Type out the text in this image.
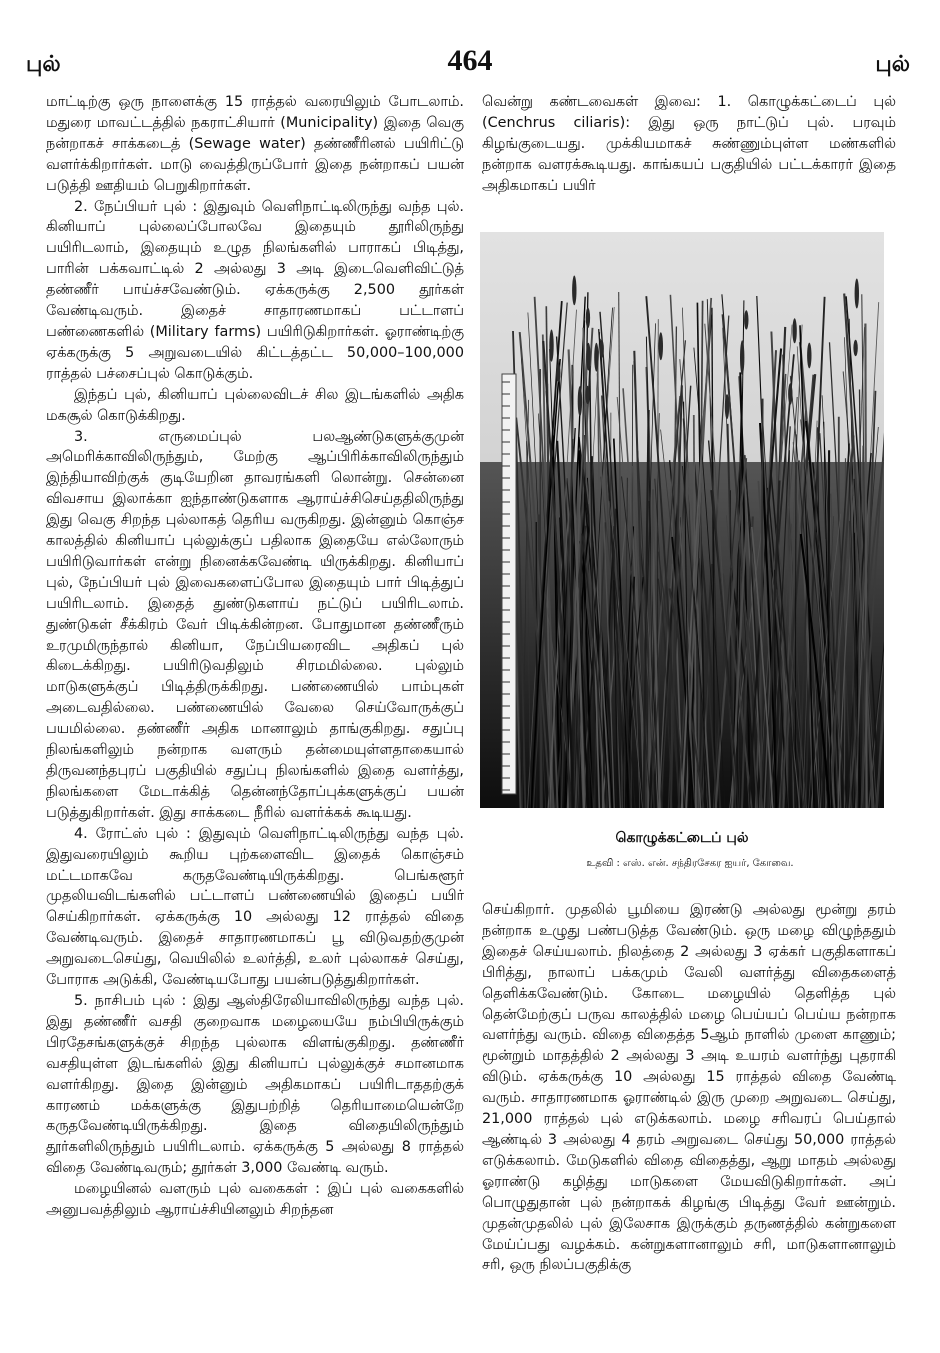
புல்	464	புல்

மாட்டிற்கு ஒரு நாளைக்கு 15 ராத்தல் வரையிலும் போடலாம். மதுரை மாவட்டத்தில் நகராட்சியார் (Municipality) இதை வெகு நன்றாகச் சாக்கடைத் (Sewage water) தண்ணீரினல் பயிரிட்டு வளர்க்கிறார்கள். மாடு வைத்திருப்போர் இதை நன்றாகப் பயன் படுத்தி ஊதியம் பெறுகிறார்கள்.

2. நேப்பியர் புல் : இதுவும் வெளிநாட்டிலிருந்து வந்த புல். கினியாப் புல்லைப்போலவே இதையும் தூரிலிருந்து பயிரிடலாம், இதையும் உழுத நிலங்களில் பாராகப் பிடித்து, பாரின் பக்கவாட்டில் 2 அல்லது 3 அடி இடைவெளிவிட்டுத் தண்ணீர் பாய்ச்சவேண்டும். ஏக்கருக்கு 2,500 தூர்கள் வேண்டிவரும். இதைச் சாதாரணமாகப் பட்டாளப் பண்ணைகளில் (Military farms) பயிரிடுகிறார்கள். ஓராண்டிற்கு ஏக்கருக்கு 5 அறுவடையில் கிட்டத்தட்ட 50,000–100,000 ராத்தல் பச்சைப்புல் கொடுக்கும்.

இந்தப் புல், கினியாப் புல்லைவிடச் சில இடங்களில் அதிக மகசூல் கொடுக்கிறது.

3. எருமைப்புல் பலஆண்டுகளுக்குமுன் அமெரிக்காவிலிருந்தும், மேற்கு ஆப்பிரிக்காவிலிருந்தும் இந்தியாவிற்குக் குடியேறின தாவரங்களி லொன்று. சென்னை விவசாய இலாக்கா ஐந்தாண்டுகளாக ஆராய்ச்சிசெய்ததிலிருந்து இது வெகு சிறந்த புல்லாகத் தெரிய வருகிறது. இன்னும் கொஞ்ச காலத்தில் கினியாப் புல்லுக்குப் பதிலாக இதையே எல்லோரும் பயிரிடுவார்கள் என்று நினைக்கவேண்டி யிருக்கிறது. கினியாப் புல், நேப்பியர் புல் இவைகளைப்போல இதையும் பார் பிடித்துப் பயிரிடலாம். இதைத் துண்டுகளாய் நட்டுப் பயிரிடலாம். துண்டுகள் சீக்கிரம் வேர் பிடிக்கின்றன. போதுமான தண்ணீரும் உரமுமிருந்தால் கினியா, நேப்பியரைவிட அதிகப் புல் கிடைக்கிறது. பயிரிடுவதிலும் சிரமமில்லை. புல்லும் மாடுகளுக்குப் பிடித்திருக்கிறது. பண்ணையில் பாம்புகள் அடைவதில்லை. பண்ணையில் வேலை செய்வோருக்குப் பயமில்லை. தண்ணீர் அதிக மானாலும் தாங்குகிறது. சதுப்பு நிலங்களிலும் நன்றாக வளரும் தன்மையுள்ளதாகையால் திருவனந்தபுரப் பகுதியில் சதுப்பு நிலங்களில் இதை வளர்த்து, நிலங்களை மேடாக்கித் தென்னந்தோப்புக்களுக்குப் பயன் படுத்துகிறார்கள். இது சாக்கடை நீரில் வளர்க்கக் கூடியது.

4. ரோட்ஸ் புல் : இதுவும் வெளிநாட்டிலிருந்து வந்த புல். இதுவரையிலும் கூறிய புற்களைவிட இதைக் கொஞ்சம் மட்டமாகவே கருதவேண்டியிருக்கிறது. பெங்களூர் முதலியவிடங்களில் பட்டாளப் பண்ணையில் இதைப் பயிர் செய்கிறார்கள். ஏக்கருக்கு 10 அல்லது 12 ராத்தல் விதை வேண்டிவரும். இதைச் சாதாரணமாகப் பூ விடுவதற்குமுன் அறுவடைசெய்து, வெயிலில் உலர்த்தி, உலர் புல்லாகச் செய்து, போராக அடுக்கி, வேண்டியபோது பயன்படுத்துகிறார்கள்.

5. நாசிபம் புல் : இது ஆஸ்திரேலியாவிலிருந்து வந்த புல். இது தண்ணீர் வசதி குறைவாக மழையையே நம்பியிருக்கும் பிரதேசங்களுக்குச் சிறந்த புல்லாக விளங்குகிறது. தண்ணீர் வசதியுள்ள இடங்களில் இது கினியாப் புல்லுக்குச் சமானமாக வளர்கிறது. இதை இன்னும் அதிகமாகப் பயிரிடாததற்குக் காரணம் மக்களுக்கு இதுபற்றித் தெரியாமையென்றே கருதவேண்டியிருக்கிறது. இதை விதையிலிருந்தும் தூர்களிலிருந்தும் பயிரிடலாம். ஏக்கருக்கு 5 அல்லது 8 ராத்தல் விதை வேண்டிவரும்; தூர்கள் 3,000 வேண்டி வரும்.

மழையினல் வளரும் புல் வகைகள் : இப் புல் வகைகளில் அனுபவத்திலும் ஆராய்ச்சியினலும் சிறந்தன

வென்று கண்டவைகள் இவை: 1. கொழுக்கட்டைப் புல் (Cenchrus ciliaris): இது ஒரு நாட்டுப் புல். பரவும் கிழங்குடையது. முக்கியமாகச் சுண்ணும்புள்ள மண்களில் நன்றாக வளரக்கூடியது. காங்கயப் பகுதியில் பட்டக்காரர் இதை அதிகமாகப் பயிர்

கொழுக்கட்டைப் புல்
உதவி : எஸ். என். சந்திரசேகர ஐயர், கோவை.

செய்கிறார். முதலில் பூமியை இரண்டு அல்லது மூன்று தரம் நன்றாக உழுது பண்படுத்த வேண்டும். ஒரு மழை விழுந்ததும் இதைச் செய்யலாம். நிலத்தை 2 அல்லது 3 ஏக்கர் பகுதிகளாகப் பிரித்து, நாலாப் பக்கமும் வேலி வளர்த்து விதைகளைத் தெளிக்கவேண்டும். கோடை மழையில் தெளித்த புல் தென்மேற்குப் பருவ காலத்தில் மழை பெய்யப் பெய்ய நன்றாக வளர்ந்து வரும். விதை விதைத்த 5ஆம் நாளில் முளை காணும்; மூன்றும் மாதத்தில் 2 அல்லது 3 அடி உயரம் வளர்ந்து புதராகி விடும். ஏக்கருக்கு 10 அல்லது 15 ராத்தல் விதை வேண்டி வரும். சாதாரணமாக ஓராண்டில் இரு முறை அறுவடை செய்து, 21,000 ராத்தல் புல் எடுக்கலாம். மழை சரிவரப் பெய்தால் ஆண்டில் 3 அல்லது 4 தரம் அறுவடை செய்து 50,000 ராத்தல் எடுக்கலாம். மேடுகளில் விதை விதைத்து, ஆறு மாதம் அல்லது ஓராண்டு கழித்து மாடுகளை மேயவிடுகிறார்கள். அப் பொழுதுதான் புல் நன்றாகக் கிழங்கு பிடித்து வேர் ஊன்றும். முதன்முதலில் புல் இலேசாக இருக்கும் தருணத்தில் கன்றுகளை மேய்ப்பது வழக்கம். கன்றுகளானாலும் சரி, மாடுகளானாலும் சரி, ஒரு நிலப்பகுதிக்கு
